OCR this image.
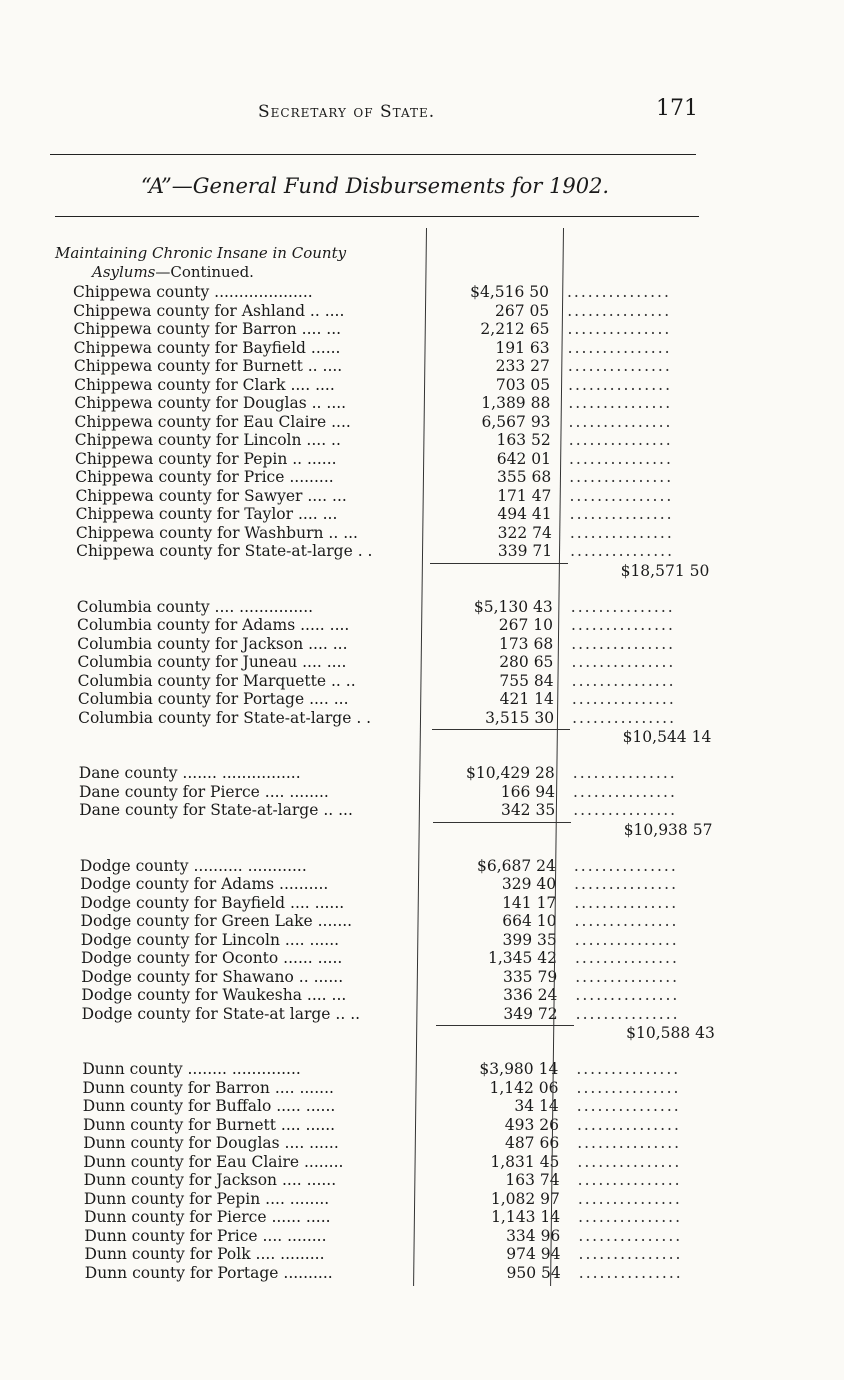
Secretary of State.	171
“A”—General Fund Disbursements for 1902.
Maintaining Chronic Insane in County
Asylums—Continued.
Chippewa county ....................	$4,516 50 ...............
Chippewa county for Ashland .. ....	267 05 ...............
Chippewa county for Barron .... ...	2,212 65 ...............
Chippewa county for Bayfield ......	191 63 ...............
Chippewa county for Burnett .. ....	233 27 ...............
Chippewa county for Clark .... ....	703 05 ...............
Chippewa county for Douglas .. ....	1,389 88 ...............
Chippewa county for Eau Claire ....	6,567 93 ...............
Chippewa county for Lincoln .... ..	163 52 ...............
Chippewa county for Pepin .. ......	642 01 ...............
Chippewa county for Price .........	355 68 ...............
Chippewa county for Sawyer .... ...	171 47 ...............
Chippewa county for Taylor .... ...	494 41 ...............
Chippewa county for Washburn .. ...	322 74 ...............
Chippewa county for State-at-large . .	339 71 ...............
$18,571 50
Columbia county .... ...............	$5,130 43 ...............
Columbia county for Adams ..... ....	267 10 ...............
Columbia county for Jackson .... ...	173 68 ...............
Columbia county for Juneau .... ....	280 65 ...............
Columbia county for Marquette .. ..	755 84 ...............
Columbia county for Portage .... ...	421 14 ...............
Columbia county for State-at-large . .	3,515 30 ...............
$10,544 14
Dane county ....... ................	$10,429 28 ...............
Dane county for Pierce .... ........	166 94 ...............
Dane county for State-at-large .. ...	342 35 ...............
$10,938 57
Dodge county .......... ............	$6,687 24 ...............
Dodge county for Adams ..........	329 40 ...............
Dodge county for Bayfield .... ......	141 17 ...............
Dodge county for Green Lake .......	664 10 ...............
Dodge county for Lincoln .... ......	399 35 ...............
Dodge county for Oconto ...... .....	1,345 42 ...............
Dodge county for Shawano .. ......	335 79 ...............
Dodge county for Waukesha .... ...	336 24 ...............
Dodge county for State-at large .. ..	349 72 ...............
$10,588 43
Dunn county ........ ..............	$3,980 14 ...............
Dunn county for Barron .... .......	1,142 06 ...............
Dunn county for Buffalo ..... ......	34 14 ...............
Dunn county for Burnett .... ......	493 26 ...............
Dunn county for Douglas .... ......	487 66 ...............
Dunn county for Eau Claire ........	1,831 45 ...............
Dunn county for Jackson .... ......	163 74 ...............
Dunn county for Pepin .... ........	1,082 97 ...............
Dunn county for Pierce ...... .....	1,143 14 ...............
Dunn county for Price .... ........	334 96 ...............
Dunn county for Polk .... .........	974 94 ...............
Dunn county for Portage ..........	950 54 ...............
